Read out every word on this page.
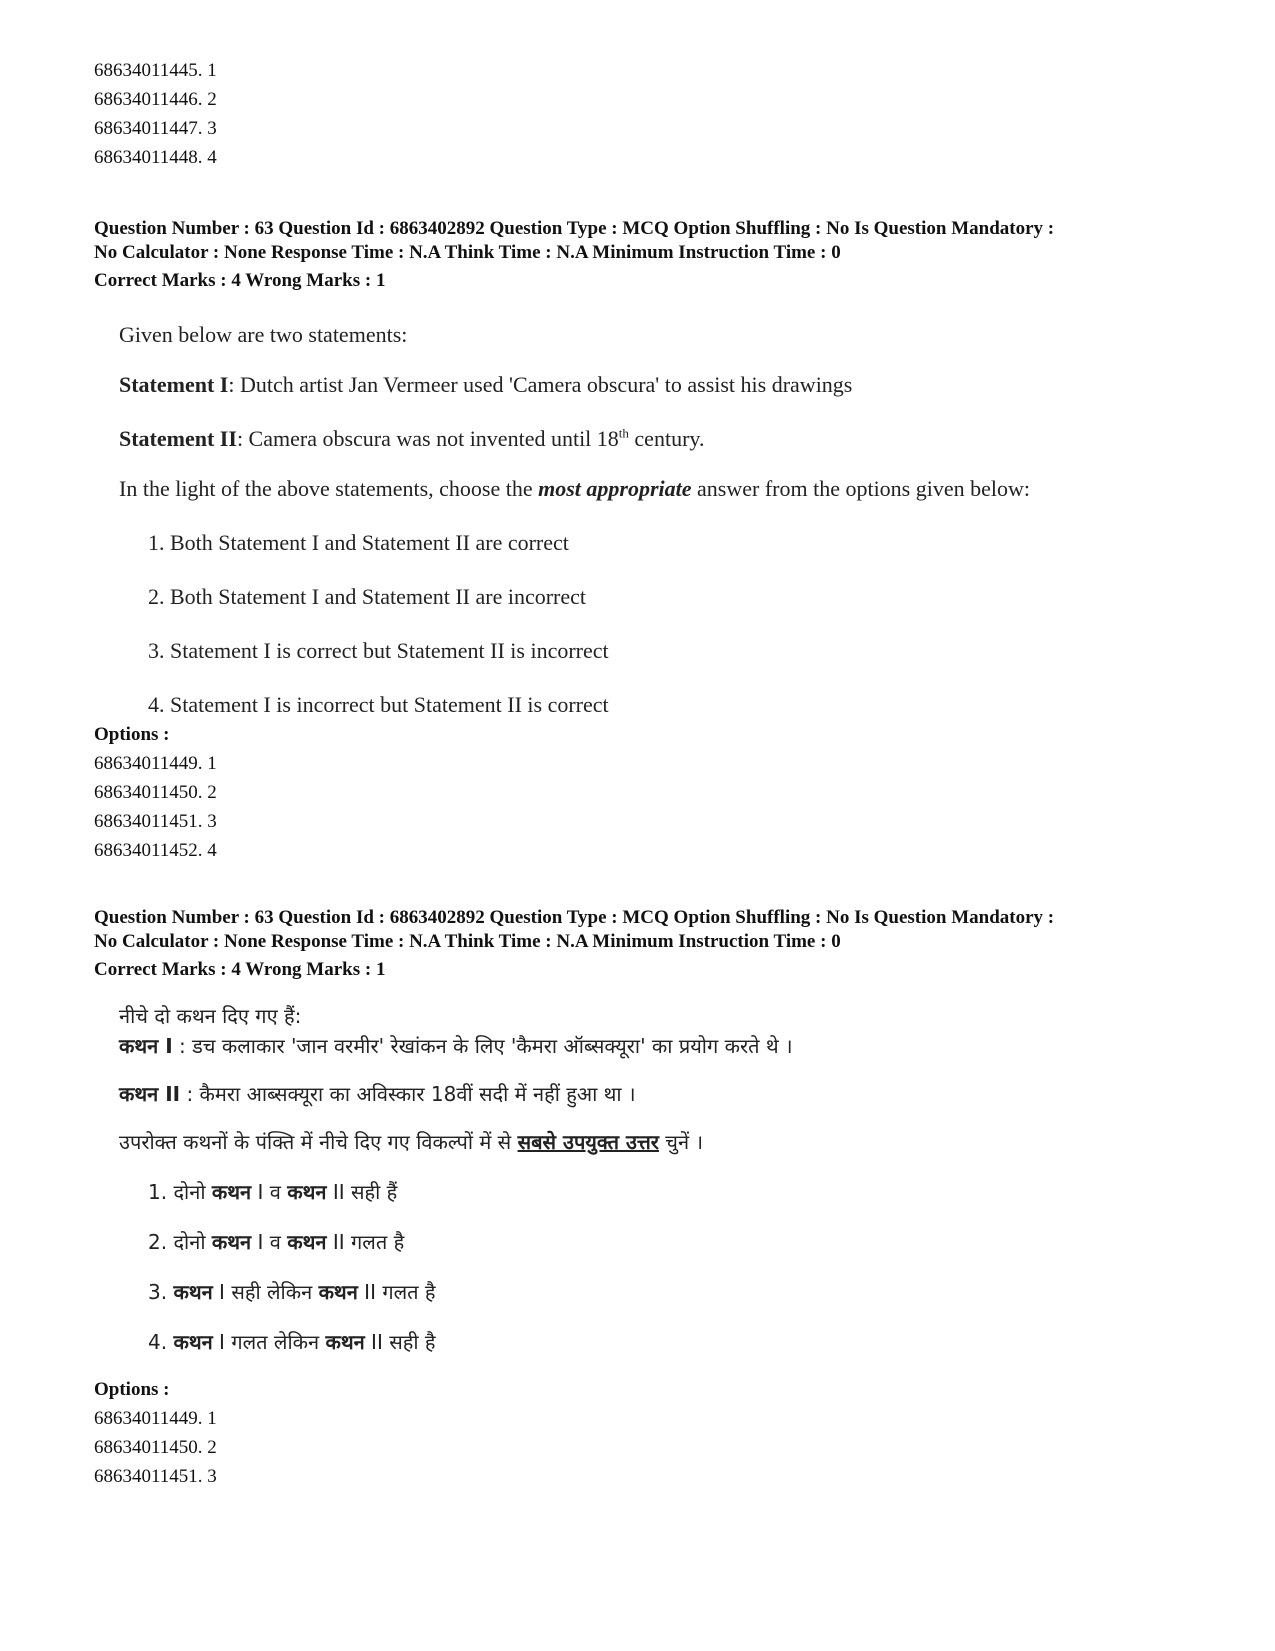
68634011445. 1
68634011446. 2
68634011447. 3
68634011448. 4
Question Number : 63 Question Id : 6863402892 Question Type : MCQ Option Shuffling : No Is Question Mandatory :
No Calculator : None Response Time : N.A Think Time : N.A Minimum Instruction Time : 0
Correct Marks : 4 Wrong Marks : 1
Given below are two statements:
Statement I: Dutch artist Jan Vermeer used 'Camera obscura' to assist his drawings
Statement II: Camera obscura was not invented until 18th century.
In the light of the above statements, choose the most appropriate answer from the options given below:
1. Both Statement I and Statement II are correct
2. Both Statement I and Statement II are incorrect
3. Statement I is correct but Statement II is incorrect
4. Statement I is incorrect but Statement II is correct
Options :
68634011449. 1
68634011450. 2
68634011451. 3
68634011452. 4
Question Number : 63 Question Id : 6863402892 Question Type : MCQ Option Shuffling : No Is Question Mandatory :
No Calculator : None Response Time : N.A Think Time : N.A Minimum Instruction Time : 0
Correct Marks : 4 Wrong Marks : 1
नीचे दो कथन दिए गए हैं:
कथन I : डच कलाकार 'जान वरमीर' रेखांकन के लिए 'कैमरा ऑब्सक्यूरा' का प्रयोग करते थे ।
कथन II : कैमरा आब्सक्यूरा का अविस्कार 18वीं सदी में नहीं हुआ था ।
उपरोक्त कथनों के पंक्ति में नीचे दिए गए विकल्पों में से सबसे उपयुक्त उत्तर चुनें ।
1. दोनो कथन I व कथन II सही हैं
2. दोनो कथन I व कथन II गलत है
3. कथन I सही लेकिन कथन II गलत है
4. कथन I गलत लेकिन कथन II सही है
Options :
68634011449. 1
68634011450. 2
68634011451. 3
